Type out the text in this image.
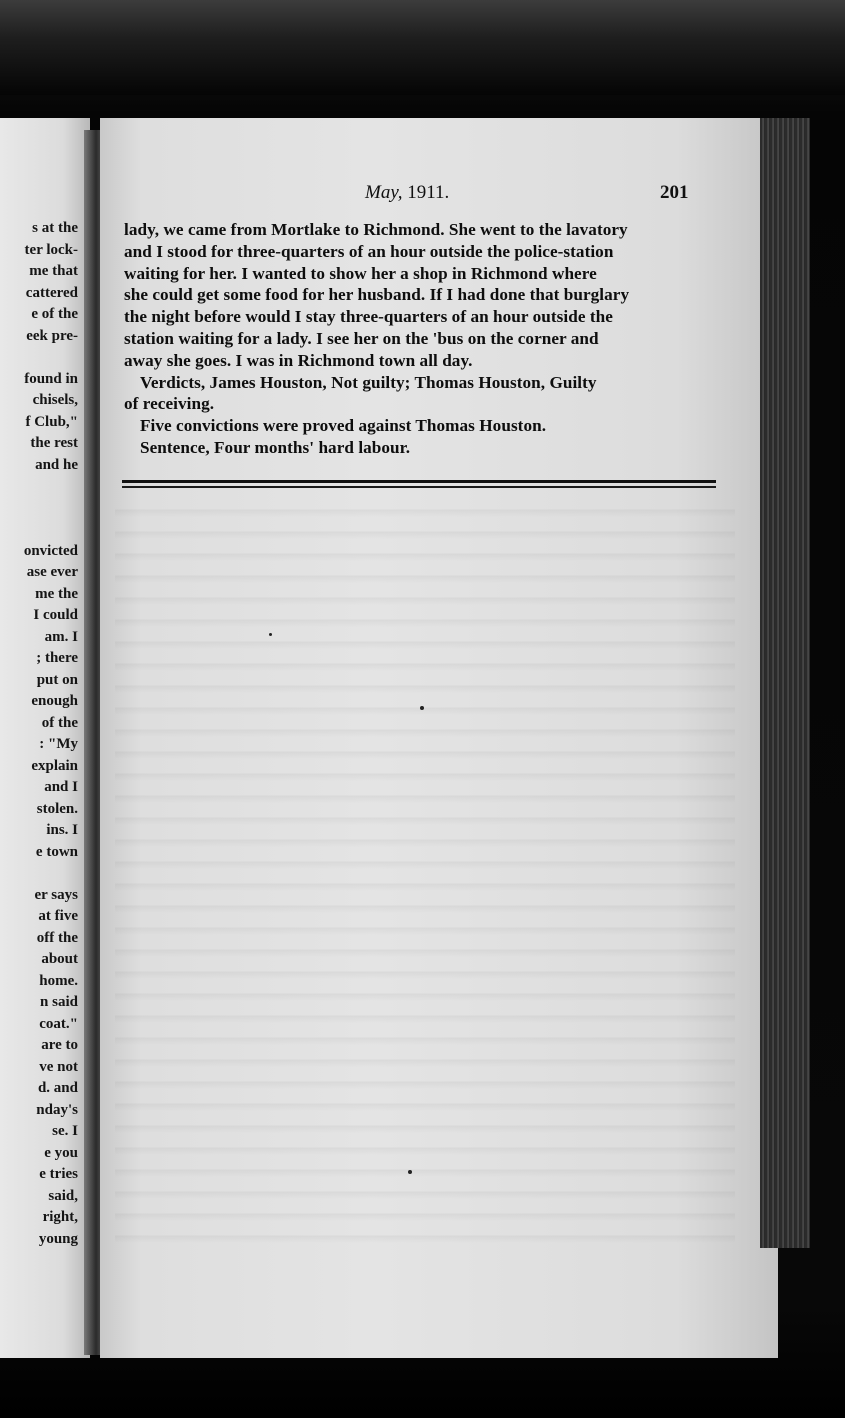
s at the
ter lock-
me that
cattered
e of the
eek pre-
found in
chisels,
f Club,"
the rest
and he
onvicted
ase ever
me the
I could
am. I
; there
put on
enough
of the
: "My
explain
and I
stolen.
ins. I
e town
er says
at five
off the
about
home.
n said
coat."
are to
ve not
d. and
nday's
se. I
e you
e tries
said,
right,
young
May, 1911.	201

lady, we came from Mortlake to Richmond. She went to the lavatory
and I stood for three-quarters of an hour outside the police-station
waiting for her. I wanted to show her a shop in Richmond where
she could get some food for her husband. If I had done that burglary
the night before would I stay three-quarters of an hour outside the
station waiting for a lady. I see her on the 'bus on the corner and
away she goes. I was in Richmond town all day.

Verdicts, James Houston, Not guilty; Thomas Houston, Guilty
of receiving.

Five convictions were proved against Thomas Houston.

Sentence, Four months' hard labour.
